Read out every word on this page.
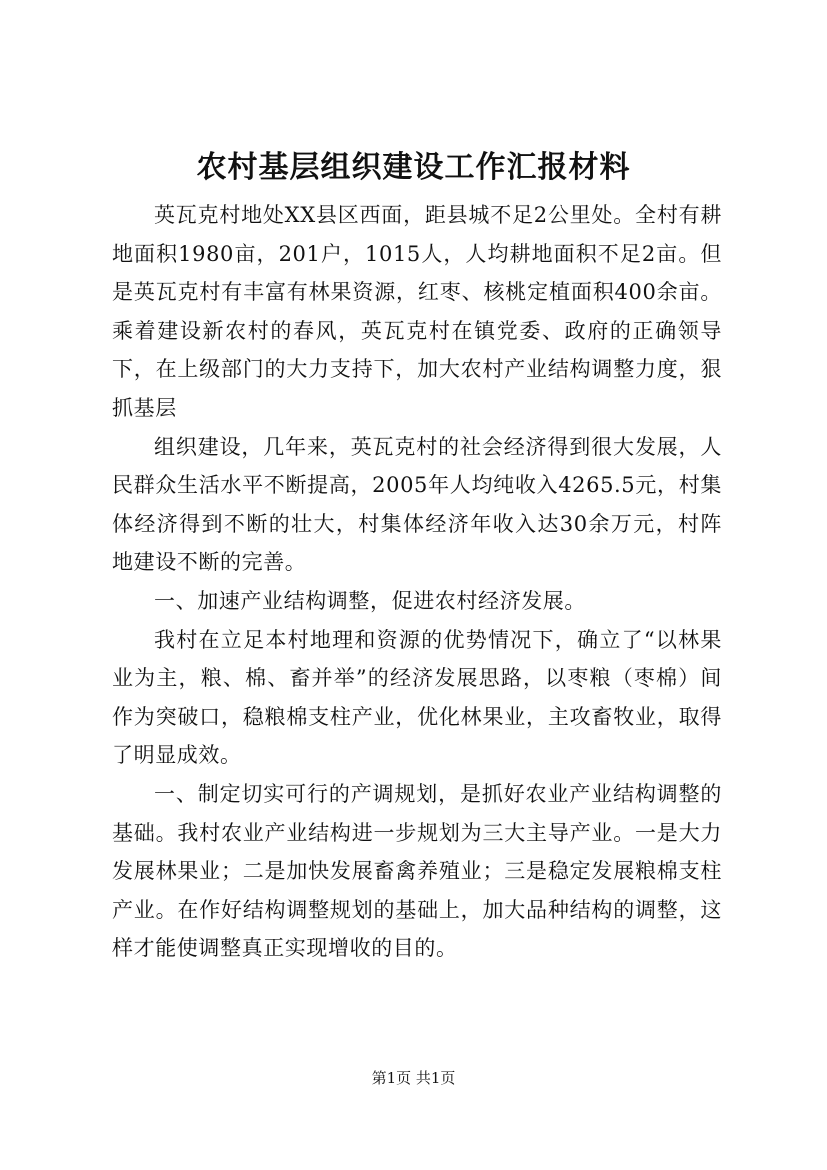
农村基层组织建设工作汇报材料

英瓦克村地处XX县区西面，距县城不足2公里处。全村有耕地面积1980亩，201户，1015人，人均耕地面积不足2亩。但是英瓦克村有丰富有林果资源，红枣、核桃定植面积400余亩。乘着建设新农村的春风，英瓦克村在镇党委、政府的正确领导下，在上级部门的大力支持下，加大农村产业结构调整力度，狠抓基层

组织建设，几年来，英瓦克村的社会经济得到很大发展，人民群众生活水平不断提高，2005年人均纯收入4265.5元，村集体经济得到不断的壮大，村集体经济年收入达30余万元，村阵地建设不断的完善。

一、加速产业结构调整，促进农村经济发展。

我村在立足本村地理和资源的优势情况下，确立了“以林果业为主，粮、棉、畜并举”的经济发展思路，以枣粮（枣棉）间作为突破口，稳粮棉支柱产业，优化林果业，主攻畜牧业，取得了明显成效。

一、制定切实可行的产调规划，是抓好农业产业结构调整的基础。我村农业产业结构进一步规划为三大主导产业。一是大力发展林果业；二是加快发展畜禽养殖业；三是稳定发展粮棉支柱产业。在作好结构调整规划的基础上，加大品种结构的调整，这样才能使调整真正实现增收的目的。

第1页 共1页
